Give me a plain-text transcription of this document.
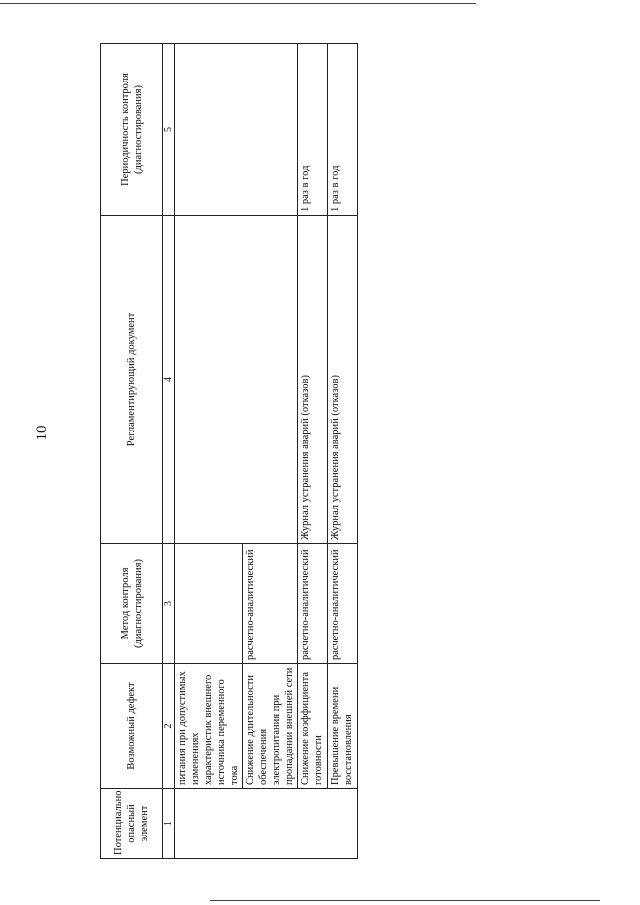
10
Потенциально опасный элемент	Возможный дефект	Метод контроля (диагностирования)	Регламентирующий документ	Периодичность контроля (диагностирования)
1	2	3	4	5
	питания при допустимых изменениях характеристик внешнего источника переменного тока			
	Снижение длительности обеспечения электропитания при пропадании внешней сети	расчетно-аналитический		
	Снижение коэффициента готовности	расчетно-аналитический	Журнал устранения аварий (отказов)	1 раз в год
	Превышение времени восстановления	расчетно-аналитический	Журнал устранения аварий (отказов)	1 раз в год
